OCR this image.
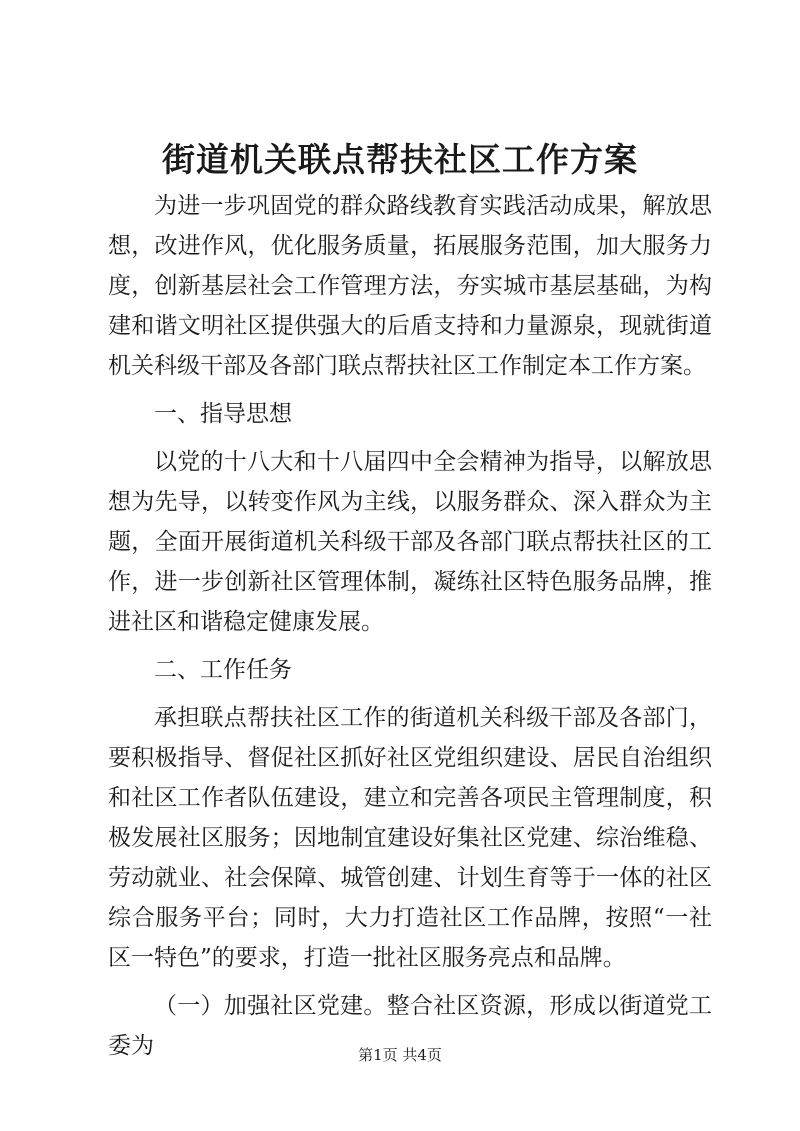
街道机关联点帮扶社区工作方案

为进一步巩固党的群众路线教育实践活动成果，解放思想，改进作风，优化服务质量，拓展服务范围，加大服务力度，创新基层社会工作管理方法，夯实城市基层基础，为构建和谐文明社区提供强大的后盾支持和力量源泉，现就街道机关科级干部及各部门联点帮扶社区工作制定本工作方案。

一、指导思想

以党的十八大和十八届四中全会精神为指导，以解放思想为先导，以转变作风为主线，以服务群众、深入群众为主题，全面开展街道机关科级干部及各部门联点帮扶社区的工作，进一步创新社区管理体制，凝练社区特色服务品牌，推进社区和谐稳定健康发展。

二、工作任务

承担联点帮扶社区工作的街道机关科级干部及各部门，要积极指导、督促社区抓好社区党组织建设、居民自治组织和社区工作者队伍建设，建立和完善各项民主管理制度，积极发展社区服务；因地制宜建设好集社区党建、综治维稳、劳动就业、社会保障、城管创建、计划生育等于一体的社区综合服务平台；同时，大力打造社区工作品牌，按照“一社区一特色”的要求，打造一批社区服务亮点和品牌。

（一）加强社区党建。整合社区资源，形成以街道党工委为	第1页 共4页
